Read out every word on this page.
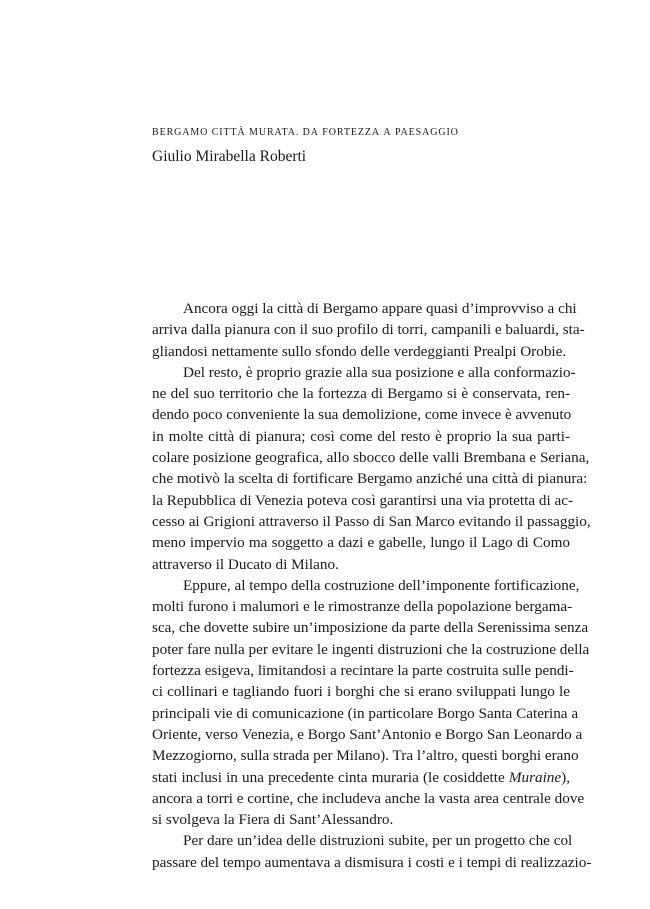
bergamo città murata. da fortezza a paesaggio
Giulio Mirabella Roberti
Ancora oggi la città di Bergamo appare quasi d’improvviso a chi
arriva dalla pianura con il suo profilo di torri, campanili e baluardi, sta-
gliandosi nettamente sullo sfondo delle verdeggianti Prealpi Orobie.
Del resto, è proprio grazie alla sua posizione e alla conformazio-
ne del suo territorio che la fortezza di Bergamo si è conservata, ren-
dendo poco conveniente la sua demolizione, come invece è avvenuto
in molte città di pianura; così come del resto è proprio la sua parti-
colare posizione geografica, allo sbocco delle valli Brembana e Seriana,
che motivò la scelta di fortificare Bergamo anziché una città di pianura:
la Repubblica di Venezia poteva così garantirsi una via protetta di ac-
cesso ai Grigioni attraverso il Passo di San Marco evitando il passaggio,
meno impervio ma soggetto a dazi e gabelle, lungo il Lago di Como
attraverso il Ducato di Milano.
Eppure, al tempo della costruzione dell’imponente fortificazione,
molti furono i malumori e le rimostranze della popolazione bergama-
sca, che dovette subire un’imposizione da parte della Serenissima senza
poter fare nulla per evitare le ingenti distruzioni che la costruzione della
fortezza esigeva, limitandosi a recintare la parte costruita sulle pendi-
ci collinari e tagliando fuori i borghi che si erano sviluppati lungo le
principali vie di comunicazione (in particolare Borgo Santa Caterina a
Oriente, verso Venezia, e Borgo Sant’Antonio e Borgo San Leonardo a
Mezzogiorno, sulla strada per Milano). Tra l’altro, questi borghi erano
stati inclusi in una precedente cinta muraria (le cosiddette Muraine),
ancora a torri e cortine, che includeva anche la vasta area centrale dove
si svolgeva la Fiera di Sant’Alessandro.
Per dare un’idea delle distruzioni subite, per un progetto che col
passare del tempo aumentava a dismisura i costi e i tempi di realizzazio-
